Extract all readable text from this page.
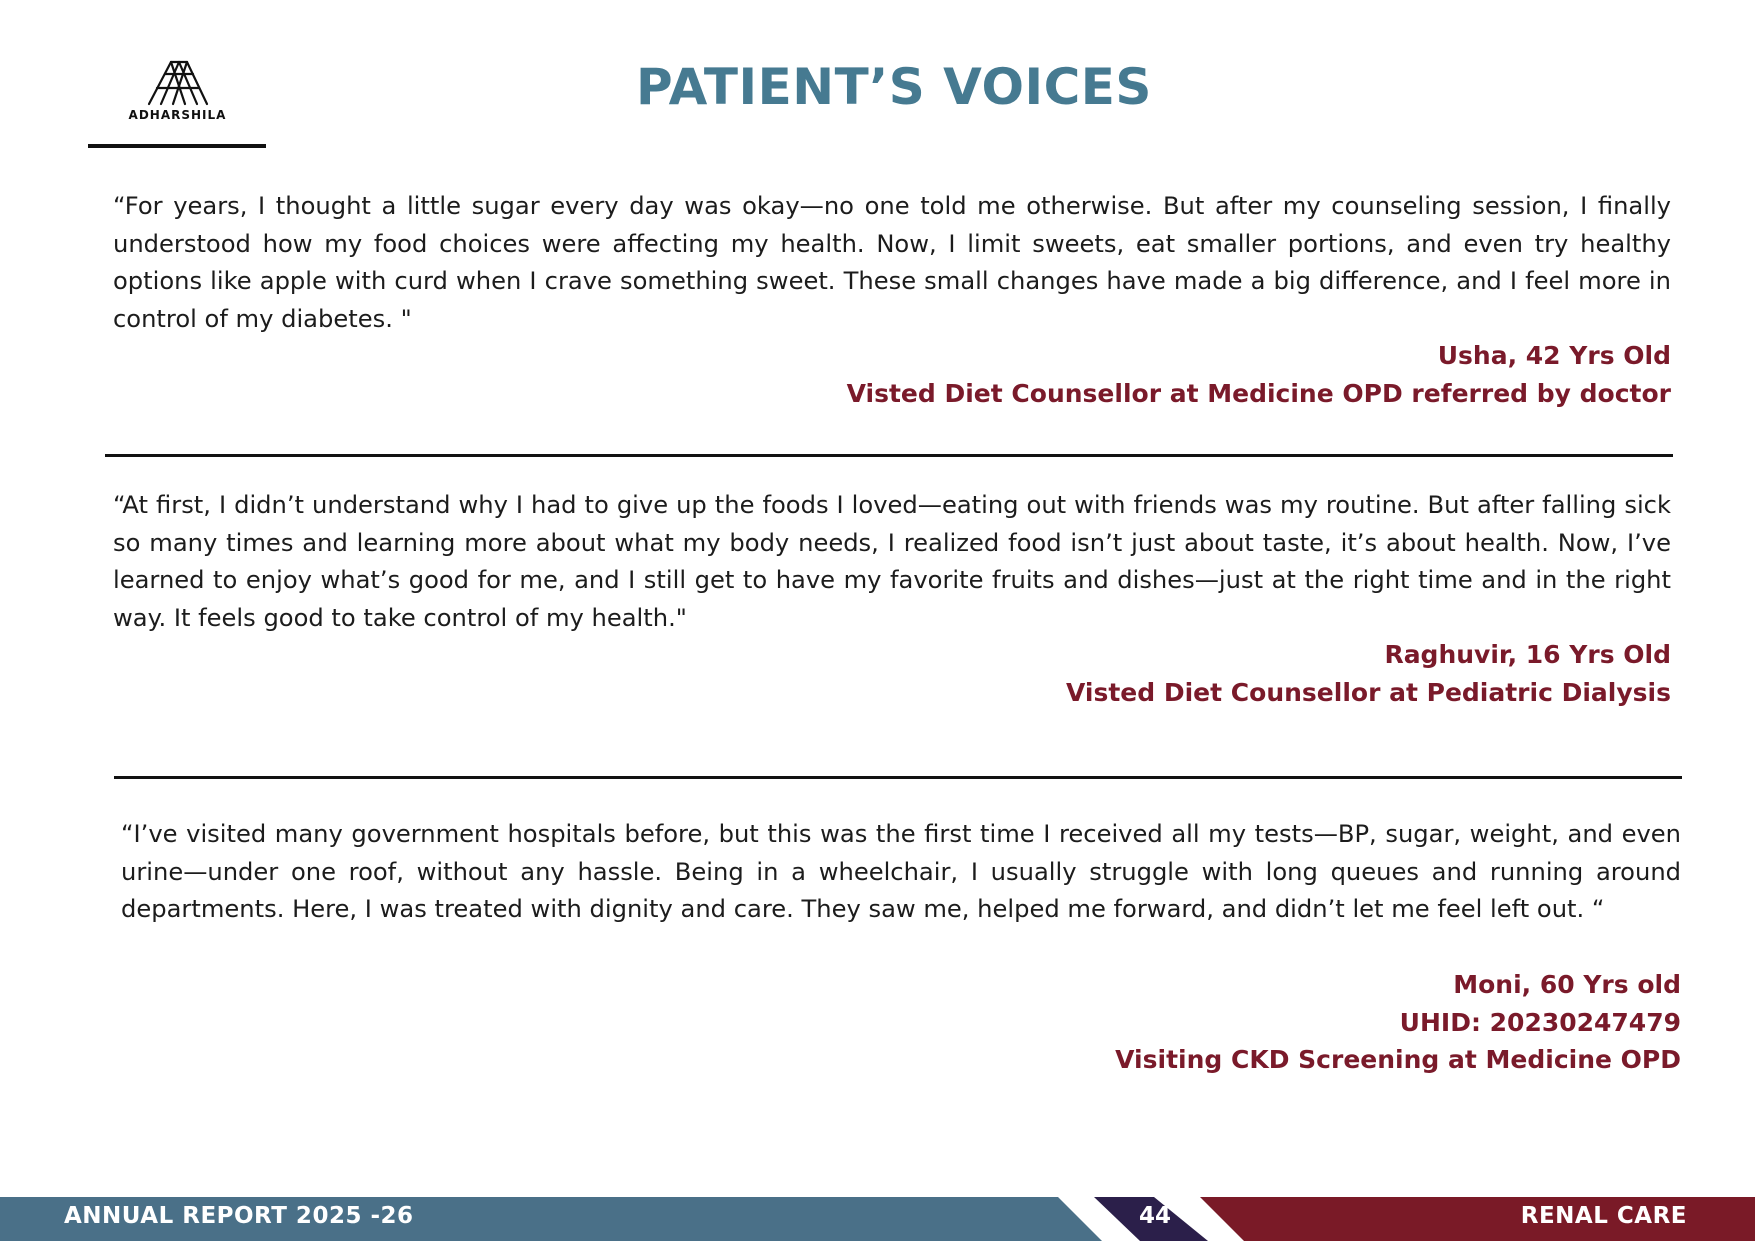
ADHARSHILA	PATIENT’S VOICES
“For years, I thought a little sugar every day was okay—no one told me otherwise. But after my counseling session, I finally understood how my food choices were affecting my health. Now, I limit sweets, eat smaller portions, and even try healthy options like apple with curd when I crave something sweet. These small changes have made a big difference, and I feel more in control of my diabetes. "
Usha, 42 Yrs Old
Visted Diet Counsellor at Medicine OPD referred by doctor
“At first, I didn’t understand why I had to give up the foods I loved—eating out with friends was my routine. But after falling sick so many times and learning more about what my body needs, I realized food isn’t just about taste, it’s about health. Now, I’ve learned to enjoy what’s good for me, and I still get to have my favorite fruits and dishes—just at the right time and in the right way. It feels good to take control of my health."
Raghuvir, 16 Yrs Old
Visted Diet Counsellor at Pediatric Dialysis
“I’ve visited many government hospitals before, but this was the first time I received all my tests—BP, sugar, weight, and even urine—under one roof, without any hassle. Being in a wheelchair, I usually struggle with long queues and running around departments. Here, I was treated with dignity and care. They saw me, helped me forward, and didn’t let me feel left out. “
Moni, 60 Yrs old
UHID: 20230247479
Visiting CKD Screening at Medicine OPD
ANNUAL REPORT 2025 -26	44	RENAL CARE
